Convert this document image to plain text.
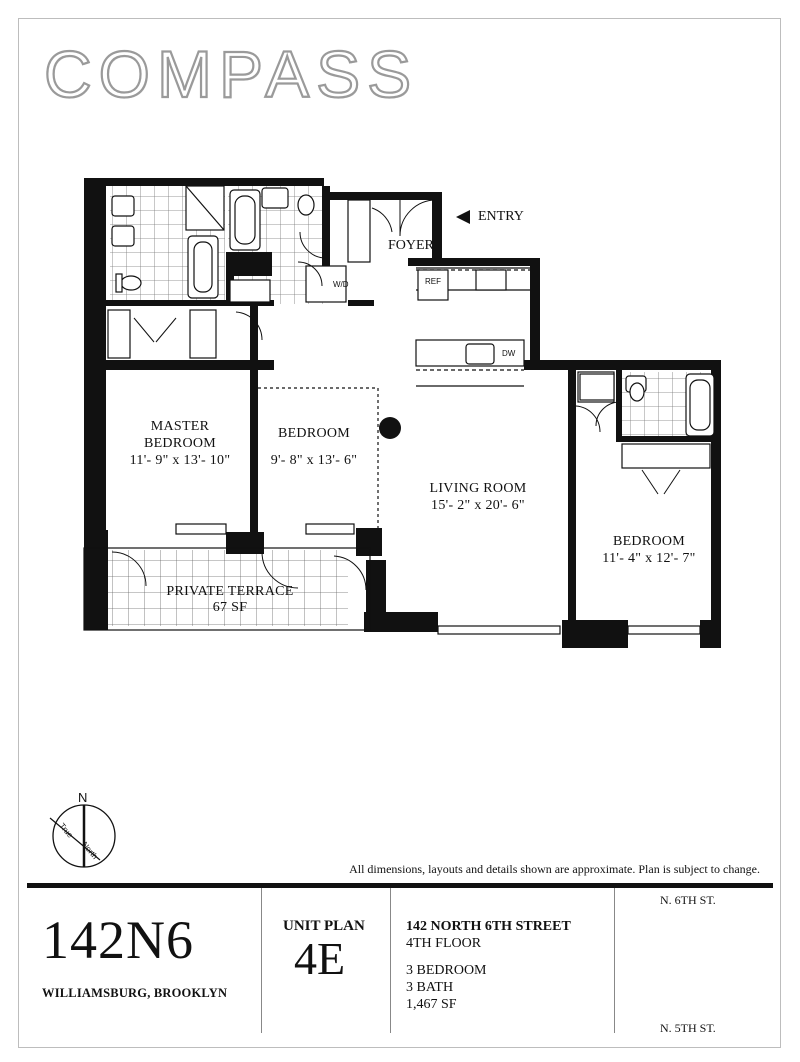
COMPASS
ENTRY
FOYER
REF
W/D
DW
MASTER
BEDROOM
11'- 9" x 13'- 10"
BEDROOM
9'- 8" x 13'- 6"
LIVING ROOM
15'- 2" x 20'- 6"
BEDROOM
11'- 4" x 12'- 7"
PRIVATE TERRACE
67 SF
N
True
North
All dimensions, layouts and details shown are approximate. Plan is subject to change.
142N6
WILLIAMSBURG, BROOKLYN
UNIT PLAN
4E
142 NORTH 6TH STREET
4TH FLOOR
3 BEDROOM
3 BATH
1,467 SF
N. 6TH ST.
N. 5TH ST.
